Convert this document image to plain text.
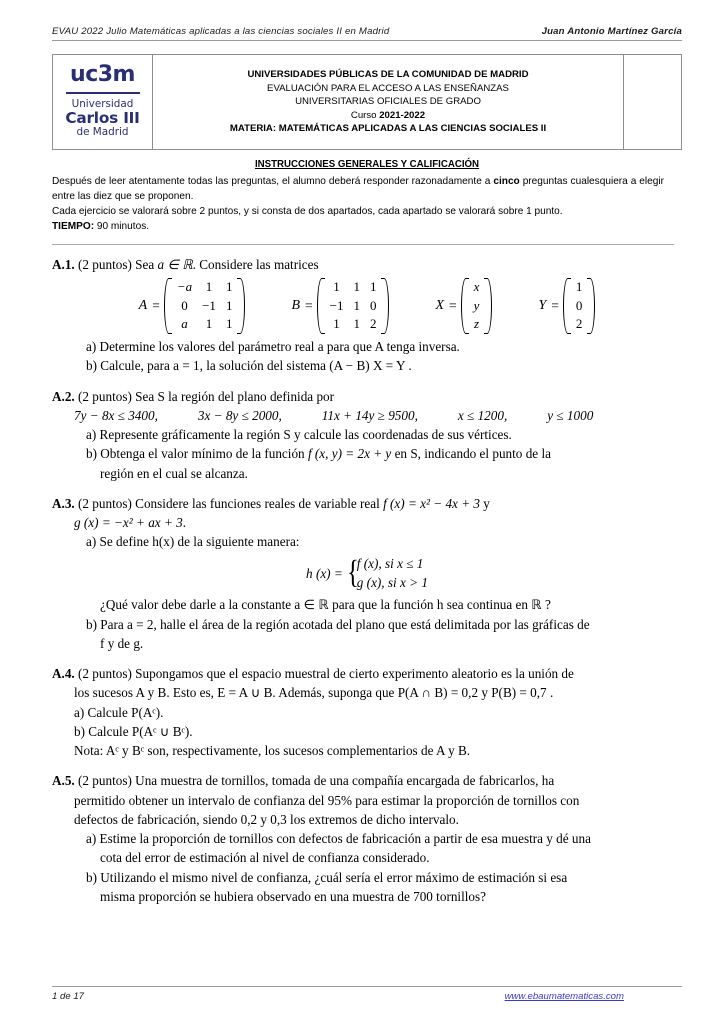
EVAU 2022 Julio Matemáticas aplicadas a las ciencias sociales II en Madrid	Juan Antonio Martínez García
uc3m
Universidad
Carlos III
de Madrid
UNIVERSIDADES PÚBLICAS DE LA COMUNIDAD DE MADRID
EVALUACIÓN PARA EL ACCESO A LAS ENSEÑANZAS
UNIVERSITARIAS OFICIALES DE GRADO
Curso 2021-2022
MATERIA: MATEMÁTICAS APLICADAS A LAS CIENCIAS SOCIALES II
INSTRUCCIONES GENERALES Y CALIFICACIÓN

Después de leer atentamente todas las preguntas, el alumno deberá responder razonadamente a cinco preguntas cualesquiera a elegir entre las diez que se proponen.

Cada ejercicio se valorará sobre 2 puntos, y si consta de dos apartados, cada apartado se valorará sobre 1 punto.

TIEMPO: 90 minutos.

A.1. (2 puntos) Sea a ∈ ℝ. Considere las matrices
A =
−a	1	1
0	−1	1
a	1	1
B =
1	1	1
−1	1	0
1	1	2
X =
x
y
z
Y =
1
0
2
a) Determine los valores del parámetro real a para que A tenga inversa.
b) Calcule, para a = 1, la solución del sistema (A − B) X = Y .
A.2. (2 puntos) Sea S la región del plano definida por
7y − 8x ≤ 3400,	3x − 8y ≤ 2000,	11x + 14y ≥ 9500,	x ≤ 1200,	y ≤ 1000
a) Represente gráficamente la región S y calcule las coordenadas de sus vértices.
b) Obtenga el valor mínimo de la función f (x, y) = 2x + y en S, indicando el punto de la
región en el cual se alcanza.
A.3. (2 puntos) Considere las funciones reales de variable real f (x) = x² − 4x + 3 y
g (x) = −x² + ax + 3.
a) Se define h(x) de la siguiente manera:
h (x) =
{
f (x), si x ≤ 1
g (x), si x > 1
¿Qué valor debe darle a la constante a ∈ ℝ para que la función h sea continua en ℝ ?
b) Para a = 2, halle el área de la región acotada del plano que está delimitada por las gráficas de
f y de g.
A.4. (2 puntos) Supongamos que el espacio muestral de cierto experimento aleatorio es la unión de
los sucesos A y B. Esto es, E = A ∪ B. Además, suponga que P(A ∩ B) = 0,2 y P(B) = 0,7 .
a) Calcule P(Aᶜ).
b) Calcule P(Aᶜ ∪ Bᶜ).
Nota: Aᶜ y Bᶜ son, respectivamente, los sucesos complementarios de A y B.
A.5. (2 puntos) Una muestra de tornillos, tomada de una compañía encargada de fabricarlos, ha
permitido obtener un intervalo de confianza del 95% para estimar la proporción de tornillos con
defectos de fabricación, siendo 0,2 y 0,3 los extremos de dicho intervalo.
a) Estime la proporción de tornillos con defectos de fabricación a partir de esa muestra y dé una
cota del error de estimación al nivel de confianza considerado.
b) Utilizando el mismo nivel de confianza, ¿cuál sería el error máximo de estimación si esa
misma proporción se hubiera observado en una muestra de 700 tornillos?
1 de 17	www.ebaumatematicas.com
